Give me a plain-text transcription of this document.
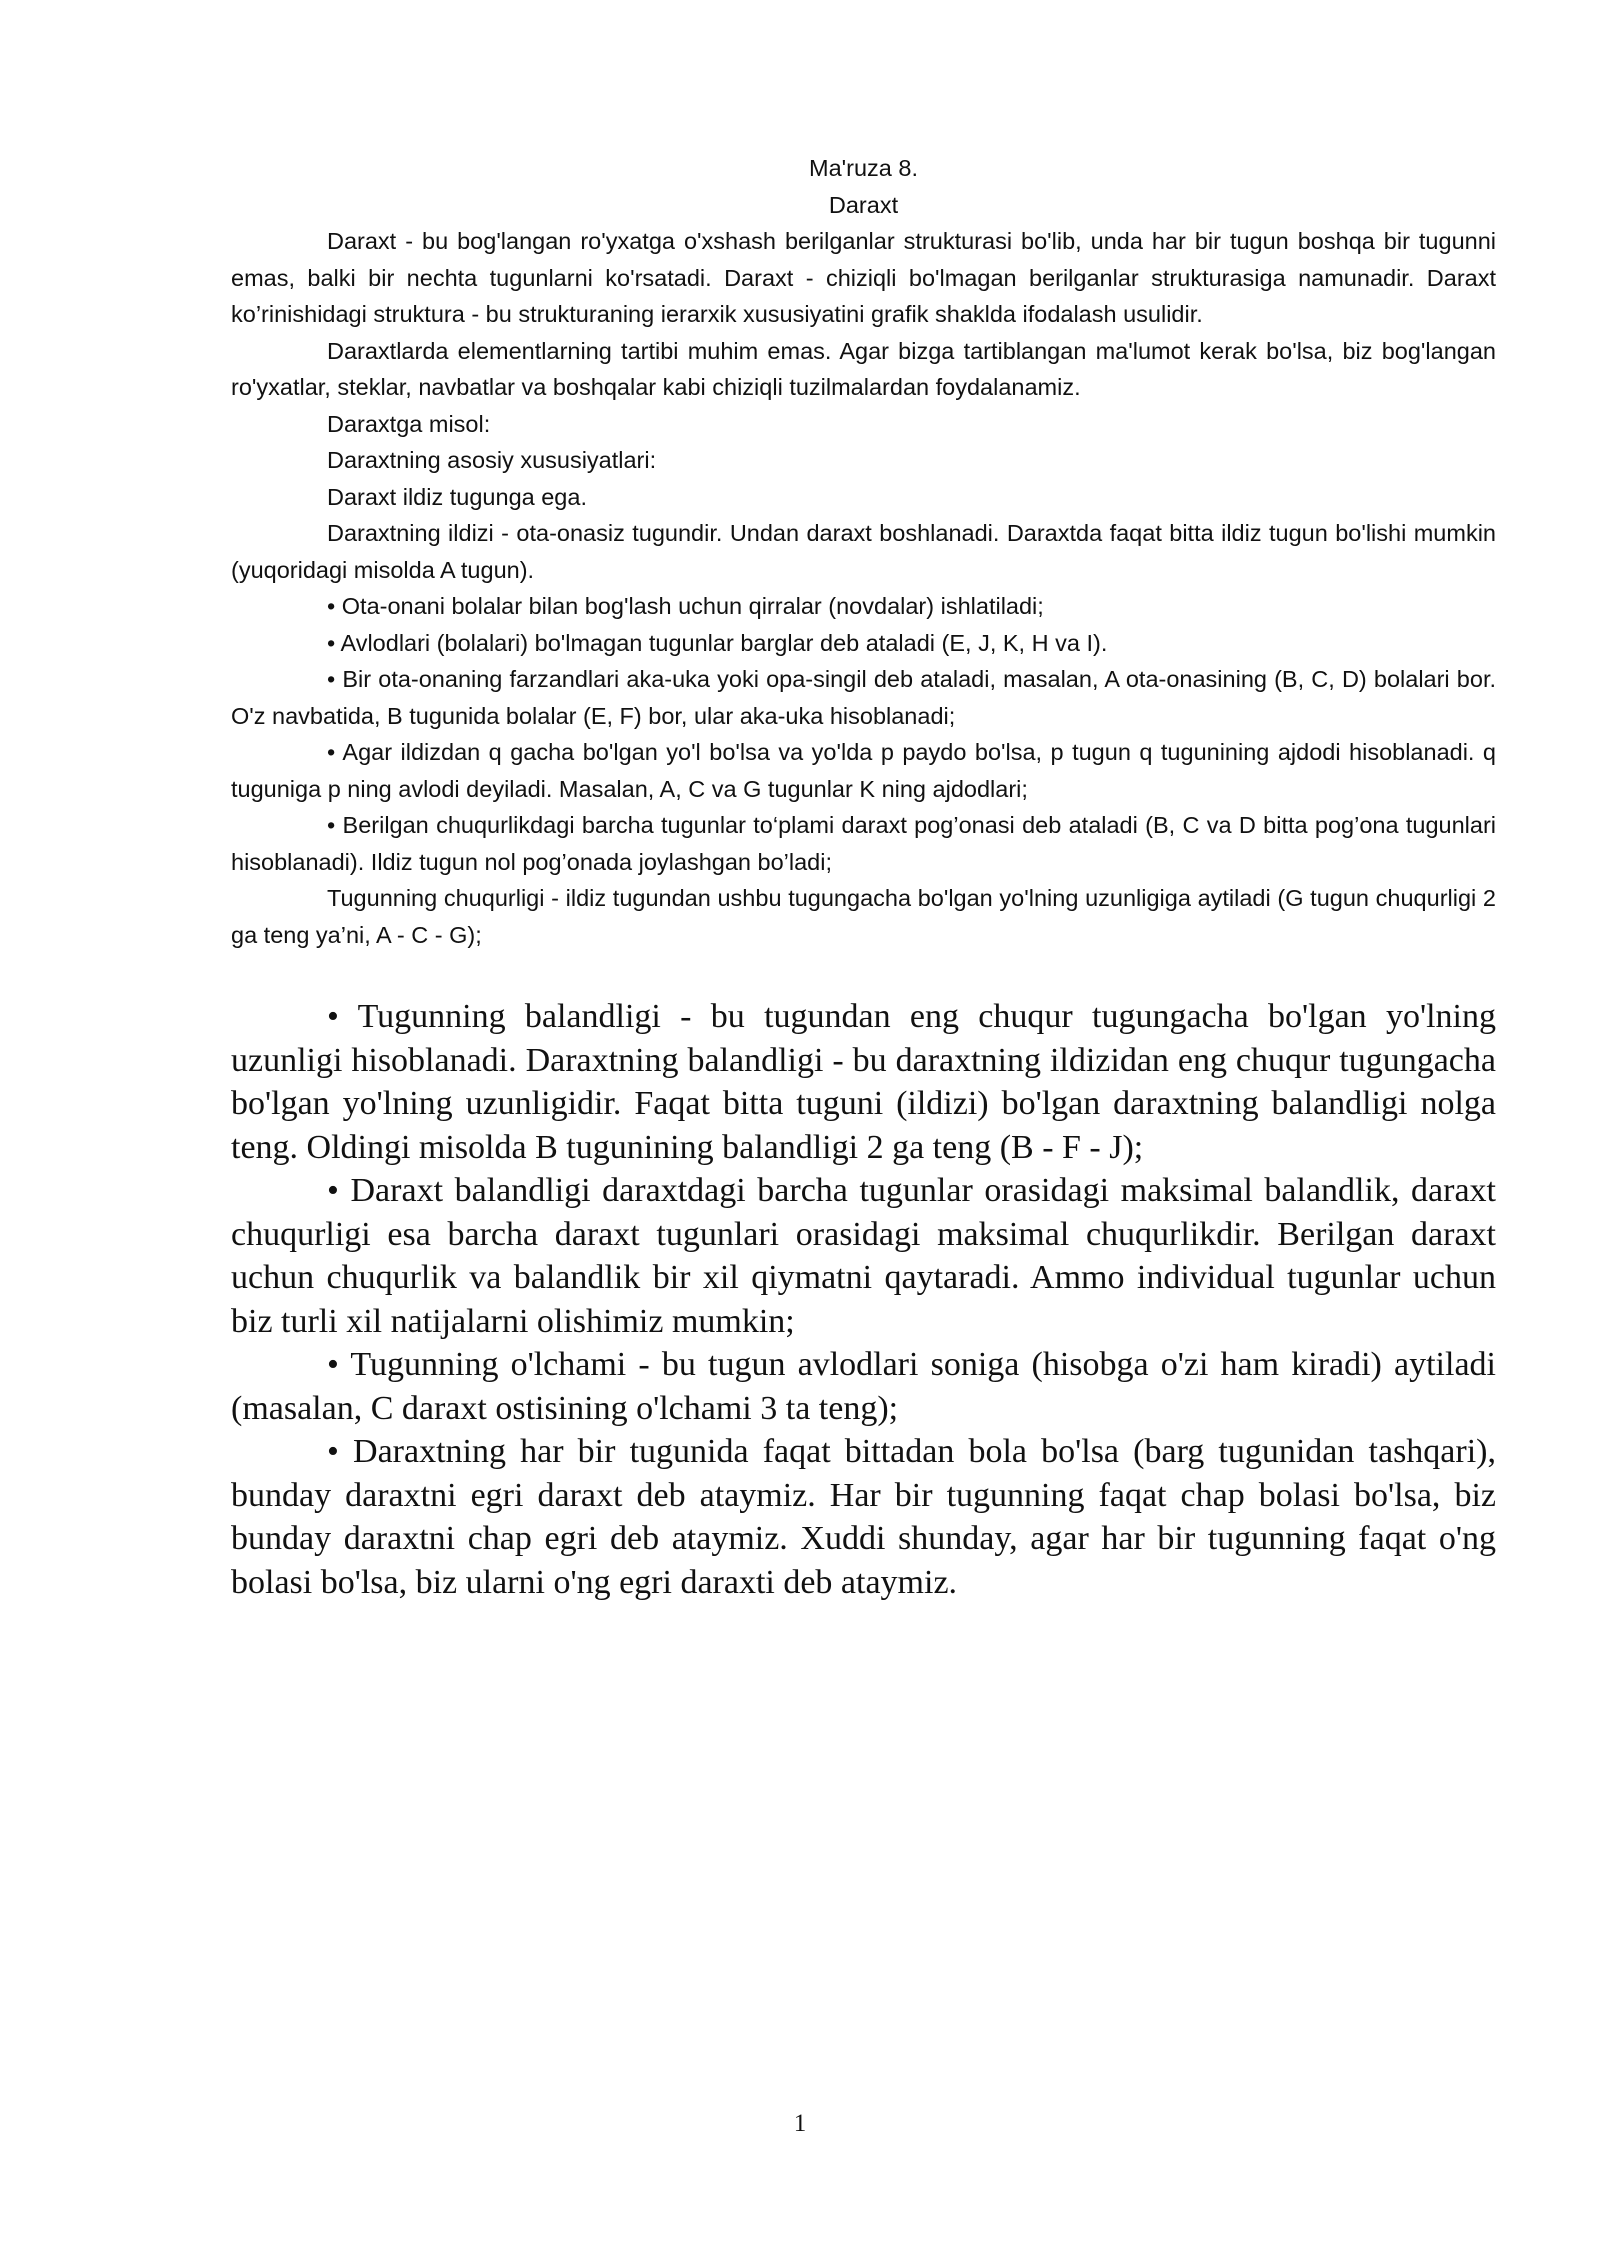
Ma'ruza 8.
Daraxt

Daraxt - bu bog'langan ro'yxatga o'xshash berilganlar strukturasi bo'lib, unda har bir tugun boshqa bir tugunni emas, balki bir nechta tugunlarni ko'rsatadi. Daraxt - chiziqli bo'lmagan berilganlar strukturasiga namunadir. Daraxt ko’rinishidagi struktura - bu strukturaning ierarxik xususiyatini grafik shaklda ifodalash usulidir.

Daraxtlarda elementlarning tartibi muhim emas. Agar bizga tartiblangan ma'lumot kerak bo'lsa, biz bog'langan ro'yxatlar, steklar, navbatlar va boshqalar kabi chiziqli tuzilmalardan foydalanamiz.

Daraxtga misol:

Daraxtning asosiy xususiyatlari:

Daraxt ildiz tugunga ega.

Daraxtning ildizi - ota-onasiz tugundir. Undan daraxt boshlanadi. Daraxtda faqat bitta ildiz tugun bo'lishi mumkin (yuqoridagi misolda A tugun).

• Ota-onani bolalar bilan bog'lash uchun qirralar (novdalar) ishlatiladi;

• Avlodlari (bolalari) bo'lmagan tugunlar barglar deb ataladi (E, J, K, H va I).

• Bir ota-onaning farzandlari aka-uka yoki opa-singil deb ataladi, masalan, A ota-onasining (B, C, D) bolalari bor. O'z navbatida, B tugunida bolalar (E, F) bor, ular aka-uka hisoblanadi;

• Agar ildizdan q gacha bo'lgan yo'l bo'lsa va yo'lda p paydo bo'lsa, p tugun q tugunining ajdodi hisoblanadi. q tuguniga p ning avlodi deyiladi. Masalan, A, C va G tugunlar K ning ajdodlari;

• Berilgan chuqurlikdagi barcha tugunlar to‘plami daraxt pog’onasi deb ataladi (B, C va D bitta pog’ona tugunlari hisoblanadi). Ildiz tugun nol pog’onada joylashgan bo’ladi;

Tugunning chuqurligi - ildiz tugundan ushbu tugungacha bo'lgan yo'lning uzunligiga aytiladi (G tugun chuqurligi 2 ga teng ya’ni, A - C - G);

• Tugunning balandligi - bu tugundan eng chuqur tugungacha bo'lgan yo'lning uzunligi hisoblanadi. Daraxtning balandligi - bu daraxtning ildizidan eng chuqur tugungacha bo'lgan yo'lning uzunligidir. Faqat bitta tuguni (ildizi) bo'lgan daraxtning balandligi nolga teng. Oldingi misolda B tugunining balandligi 2 ga teng (B - F - J);

• Daraxt balandligi daraxtdagi barcha tugunlar orasidagi maksimal balandlik, daraxt chuqurligi esa barcha daraxt tugunlari orasidagi maksimal chuqurlikdir. Berilgan daraxt uchun chuqurlik va balandlik bir xil qiymatni qaytaradi. Ammo individual tugunlar uchun biz turli xil natijalarni olishimiz mumkin;

• Tugunning o'lchami - bu tugun avlodlari soniga (hisobga o'zi ham kiradi) aytiladi (masalan, C daraxt ostisining o'lchami 3 ta teng);

• Daraxtning har bir tugunida faqat bittadan bola bo'lsa (barg tugunidan tashqari), bunday daraxtni egri daraxt deb ataymiz. Har bir tugunning faqat chap bolasi bo'lsa, biz bunday daraxtni chap egri deb ataymiz. Xuddi shunday, agar har bir tugunning faqat o'ng bolasi bo'lsa, biz ularni o'ng egri daraxti deb ataymiz.

1
